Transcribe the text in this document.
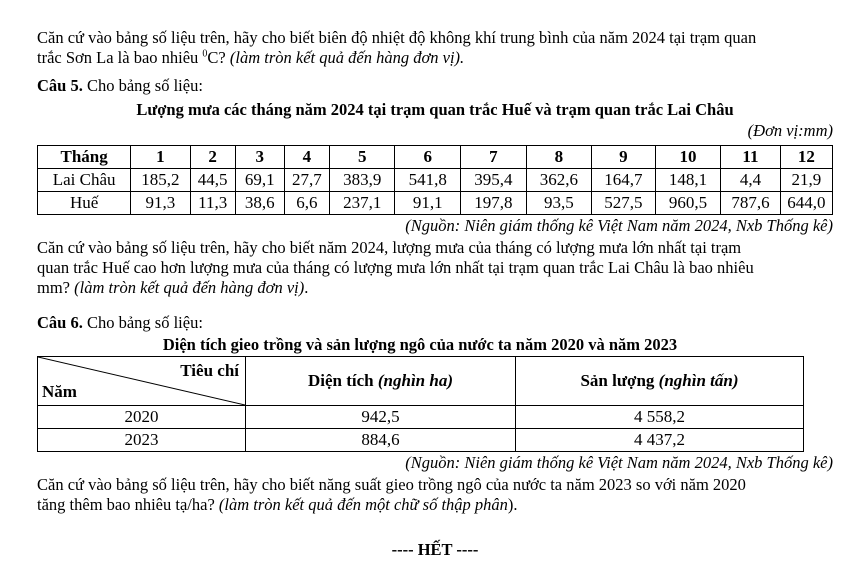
Căn cứ vào bảng số liệu trên, hãy cho biết biên độ nhiệt độ không khí trung bình của năm 2024 tại trạm quan

trắc Sơn La là bao nhiêu $^0$C? (làm tròn kết quả đến hàng đơn vị).

Câu 5. Cho bảng số liệu:

Lượng mưa các tháng năm 2024 tại trạm quan trắc Huế và trạm quan trắc Lai Châu

(Đơn vị:mm)

Tháng	1	2	3	4	5	6	7	8	9	10	11	12
Lai Châu	185,2	44,5	69,1	27,7	383,9	541,8	395,4	362,6	164,7	148,1	4,4	21,9
Huế	91,3	11,3	38,6	6,6	237,1	91,1	197,8	93,5	527,5	960,5	787,6	644,0

(Nguồn: Niên giám thống kê Việt Nam năm 2024, Nxb Thống kê)

Căn cứ vào bảng số liệu trên, hãy cho biết năm 2024, lượng mưa của tháng có lượng mưa lớn nhất tại trạm

quan trắc Huế cao hơn lượng mưa của tháng có lượng mưa lớn nhất tại trạm quan trắc Lai Châu là bao nhiêu

mm? (làm tròn kết quả đến hàng đơn vị).

Câu 6. Cho bảng số liệu:

Diện tích gieo trồng và sản lượng ngô của nước ta năm 2020 và năm 2023

Tiêu chí
Năm	Diện tích (nghìn ha)	Sản lượng (nghìn tấn)
2020	942,5	4 558,2
2023	884,6	4 437,2

(Nguồn: Niên giám thống kê Việt Nam năm 2024, Nxb Thống kê)

Căn cứ vào bảng số liệu trên, hãy cho biết năng suất gieo trồng ngô của nước ta năm 2023 so với năm 2020

tăng thêm bao nhiêu tạ/ha? (làm tròn kết quả đến một chữ số thập phân).

---- HẾT ----
